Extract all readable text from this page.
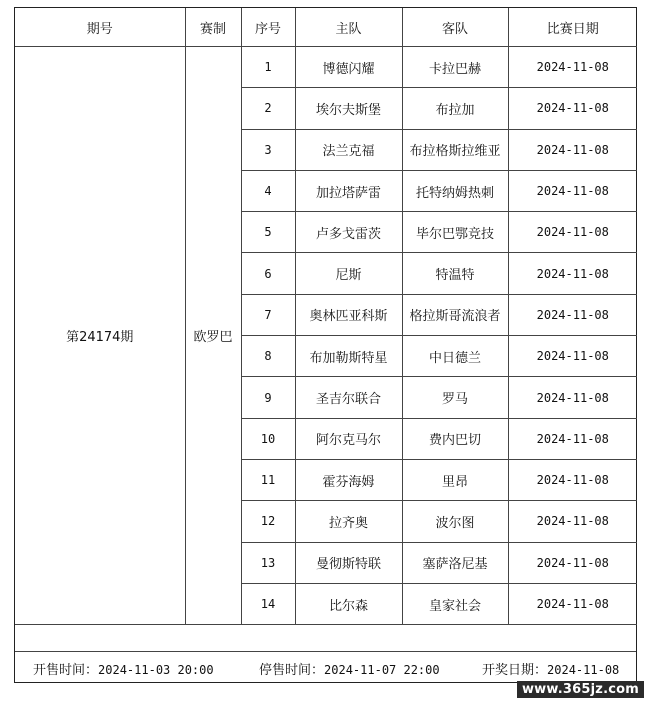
期号	赛制	序号	主队	客队	比赛日期
第24174期	欧罗巴	1	博德闪耀	卡拉巴赫	2024-11-08
		2	埃尔夫斯堡	布拉加	2024-11-08
		3	法兰克福	布拉格斯拉维亚	2024-11-08
		4	加拉塔萨雷	托特纳姆热刺	2024-11-08
		5	卢多戈雷茨	毕尔巴鄂竞技	2024-11-08
		6	尼斯	特温特	2024-11-08
		7	奥林匹亚科斯	格拉斯哥流浪者	2024-11-08
		8	布加勒斯特星	中日德兰	2024-11-08
		9	圣吉尔联合	罗马	2024-11-08
		10	阿尔克马尔	费内巴切	2024-11-08
		11	霍芬海姆	里昂	2024-11-08
		12	拉齐奥	波尔图	2024-11-08
		13	曼彻斯特联	塞萨洛尼基	2024-11-08
		14	比尔森	皇家社会	2024-11-08
开售时间：2024-11-03 20:00	停售时间：2024-11-07 22:00	开奖日期：2024-11-08
www.365jz.com
